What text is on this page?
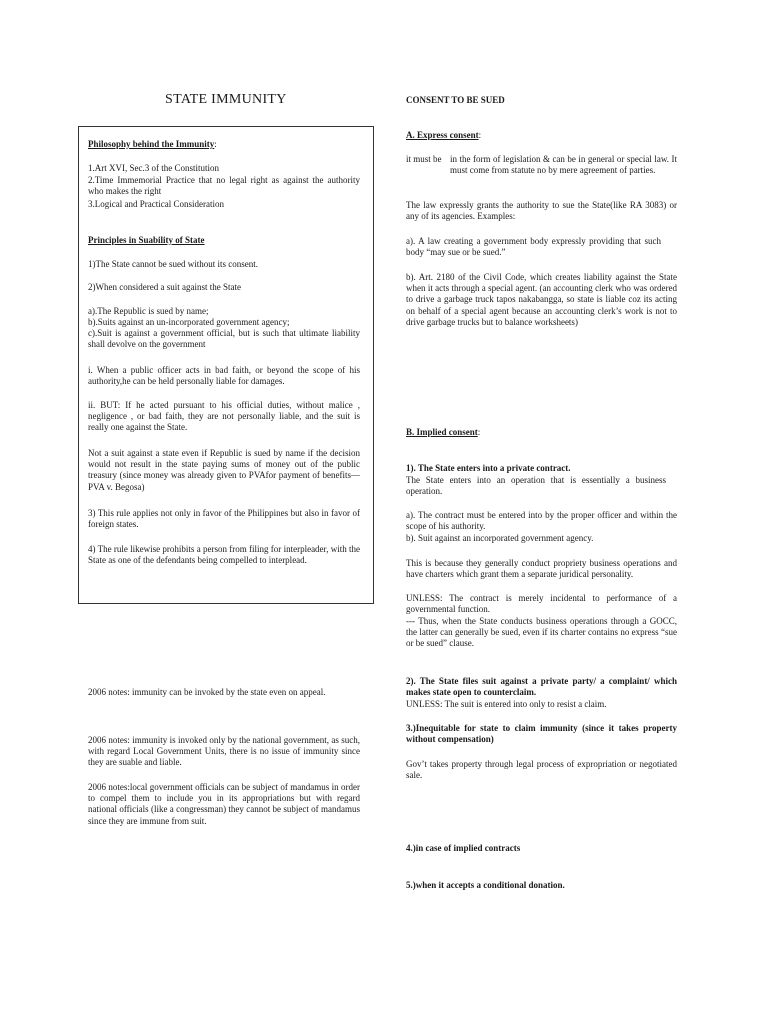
STATE IMMUNITY

Philosophy behind the Immunity:

1.Art XVI, Sec.3 of the Constitution

2.Time Immemorial Practice that no legal right as against the authority who makes the right

3.Logical and Practical Consideration

Principles in Suability of State

1)The State cannot be sued without its consent.

2)When considered a suit against the State

a).The Republic is sued by name;

b).Suits against an un-incorporated government agency;

c).Suit is against a government official, but is such that ultimate liability shall devolve on the government

i. When a public officer acts in bad faith, or beyond the scope of his authority,he can be held personally liable for damages.

ii. BUT: If he acted pursuant to his official duties, without malice , negligence , or bad faith, they are not personally liable, and the suit is really one against the State.

Not a suit against a state even if Republic is sued by name if the decision would not result in the state paying sums of money out of the public treasury (since money was already given to PVAfor payment of benefits—PVA v. Begosa)

3) This rule applies not only in favor of the Philippines but also in favor of foreign states.

4) The rule likewise prohibits a person from filing for interpleader, with the State as one of the defendants being compelled to interplead.

2006 notes: immunity can be invoked by the state even on appeal.

2006 notes: immunity is invoked only by the national government, as such, with regard Local Government Units, there is no issue of immunity since they are suable and liable.

2006 notes:local government officials can be subject of mandamus in order to compel them to include you in its appropriations but with regard national officials (like a congressman) they cannot be subject of mandamus since they are immune from suit.

CONSENT TO BE SUED

A. Express consent:

it must be in the form of legislation & can be in general or special law. It must come from statute no by mere agreement of parties.

The law expressly grants the authority to sue the State(like RA 3083) or any of its agencies. Examples:

a). A law creating a government body expressly providing that such body “may sue or be sued.”

b). Art. 2180 of the Civil Code, which creates liability against the State when it acts through a special agent. (an accounting clerk who was ordered to drive a garbage truck tapos nakabangga, so state is liable coz its acting on behalf of a special agent because an accounting clerk’s work is not to drive garbage trucks but to balance worksheets)

B. Implied consent:

1). The State enters into a private contract.

The State enters into an operation that is essentially a business operation.

a). The contract must be entered into by the proper officer and within the scope of his authority.

b). Suit against an incorporated government agency.

This is because they generally conduct propriety business operations and have charters which grant them a separate juridical personality.

UNLESS: The contract is merely incidental to performance of a governmental function.

--- Thus, when the State conducts business operations through a GOCC, the latter can generally be sued, even if its charter contains no express “sue or be sued” clause.

2). The State files suit against a private party/ a complaint/ which makes state open to counterclaim.

UNLESS: The suit is entered into only to resist a claim.

3.)Inequitable for state to claim immunity (since it takes property without compensation)

Gov’t takes property through legal process of expropriation or negotiated sale.

4.)in case of implied contracts

5.)when it accepts a conditional donation.
